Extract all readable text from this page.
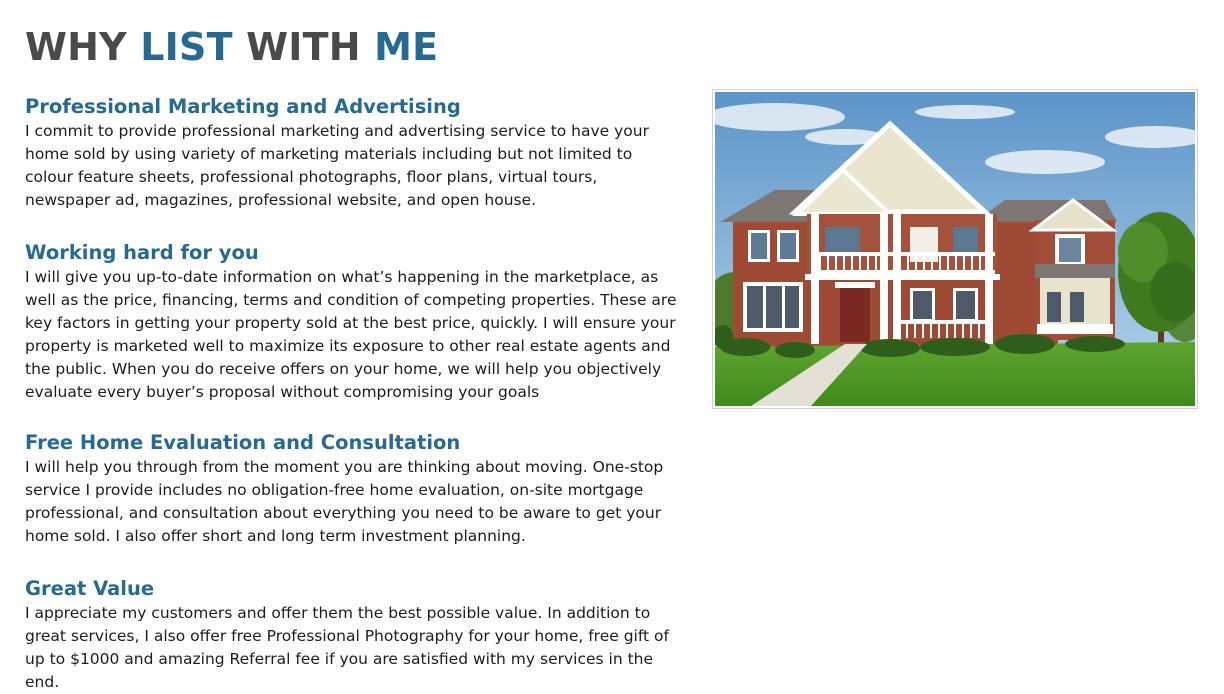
WHY LIST WITH ME
Professional Marketing and Advertising

I commit to provide professional marketing and advertising service to have your home sold by using variety of marketing materials including but not limited to colour feature sheets, professional photographs, floor plans, virtual tours, newspaper ad, magazines, professional website, and open house.

Working hard for you

I will give you up-to-date information on what’s happening in the marketplace, as well as the price, financing, terms and condition of competing properties. These are key factors in getting your property sold at the best price, quickly. I will ensure your property is marketed well to maximize its exposure to other real estate agents and the public. When you do receive offers on your home, we will help you objectively evaluate every buyer’s proposal without compromising your goals

Free Home Evaluation and Consultation

I will help you through from the moment you are thinking about moving. One-stop service I provide includes no obligation-free home evaluation, on-site mortgage professional, and consultation about everything you need to be aware to get your home sold. I also offer short and long term investment planning.

Great Value

I appreciate my customers and offer them the best possible value. In addition to great services, I also offer free Professional Photography for your home, free gift of up to $1000 and amazing Referral fee if you are satisfied with my services in the end.
